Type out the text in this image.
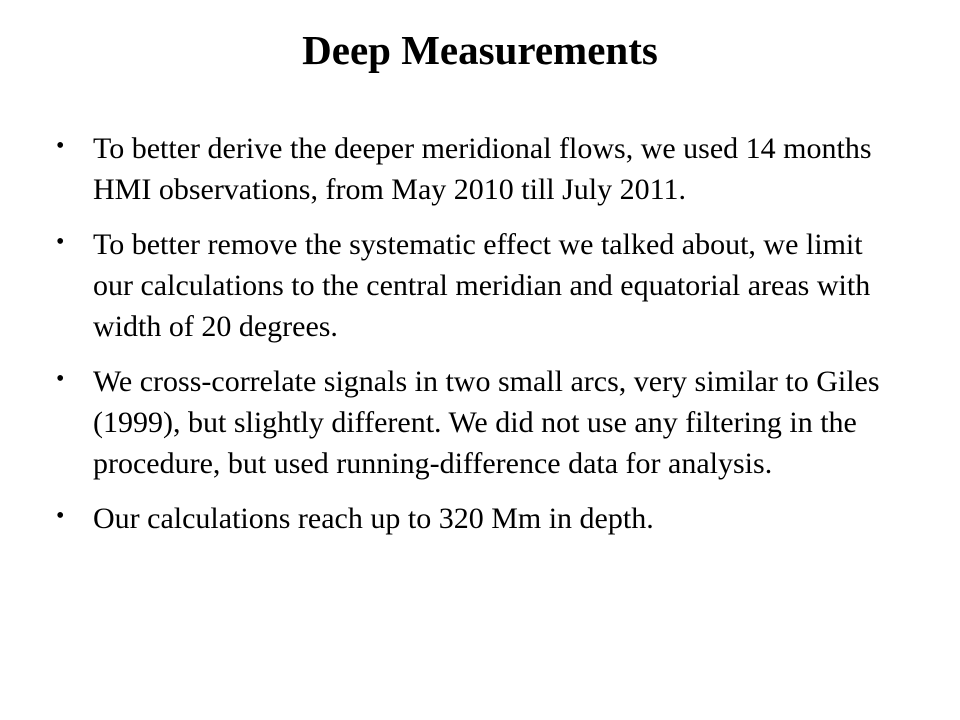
Deep Measurements
• To better derive the deeper meridional flows, we used 14 months HMI observations, from May 2010 till July 2011.
• To better remove the systematic effect we talked about, we limit our calculations to the central meridian and equatorial areas with width of 20 degrees.
• We cross-correlate signals in two small arcs, very similar to Giles (1999), but slightly different. We did not use any filtering in the procedure, but used running-difference data for analysis.
• Our calculations reach up to 320 Mm in depth.
